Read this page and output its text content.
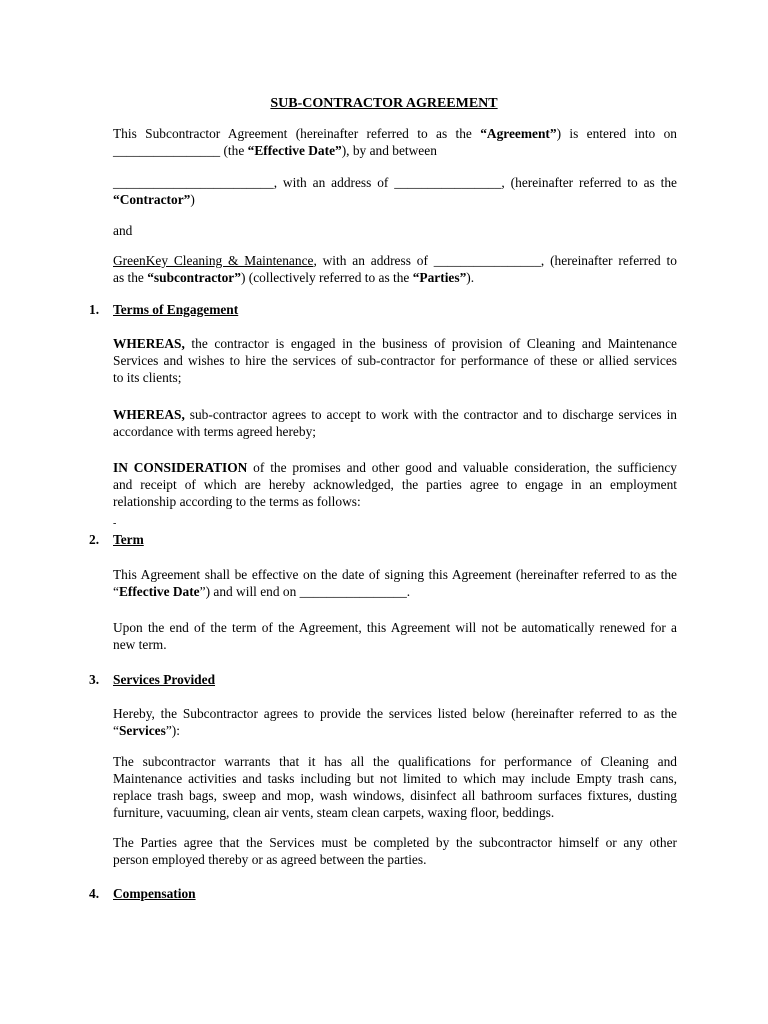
SUB-CONTRACTOR AGREEMENT
This Subcontractor Agreement (hereinafter referred to as the “Agreement”) is entered into on
________________ (the “Effective Date”), by and between
________________________, with an address of ________________, (hereinafter referred to as the
“Contractor”)
and
GreenKey Cleaning & Maintenance, with an address of ________________, (hereinafter referred to
as the “subcontractor”) (collectively referred to as the “Parties”).
1. Terms of Engagement
WHEREAS, the contractor is engaged in the business of provision of Cleaning and Maintenance
Services and wishes to hire the services of sub-contractor for performance of these or allied services
to its clients;
WHEREAS, sub-contractor agrees to accept to work with the contractor and to discharge services in
accordance with terms agreed hereby;
IN CONSIDERATION of the promises and other good and valuable consideration, the sufficiency
and receipt of which are hereby acknowledged, the parties agree to engage in an employment
relationship according to the terms as follows:
-
2. Term
This Agreement shall be effective on the date of signing this Agreement (hereinafter referred to as the
“Effective Date”) and will end on ________________.
Upon the end of the term of the Agreement, this Agreement will not be automatically renewed for a
new term.
3. Services Provided
Hereby, the Subcontractor agrees to provide the services listed below (hereinafter referred to as the
“Services”):
The subcontractor warrants that it has all the qualifications for performance of Cleaning and
Maintenance activities and tasks including but not limited to which may include Empty trash cans,
replace trash bags, sweep and mop, wash windows, disinfect all bathroom surfaces fixtures, dusting
furniture, vacuuming, clean air vents, steam clean carpets, waxing floor, beddings.
The Parties agree that the Services must be completed by the subcontractor himself or any other
person employed thereby or as agreed between the parties.
4. Compensation
